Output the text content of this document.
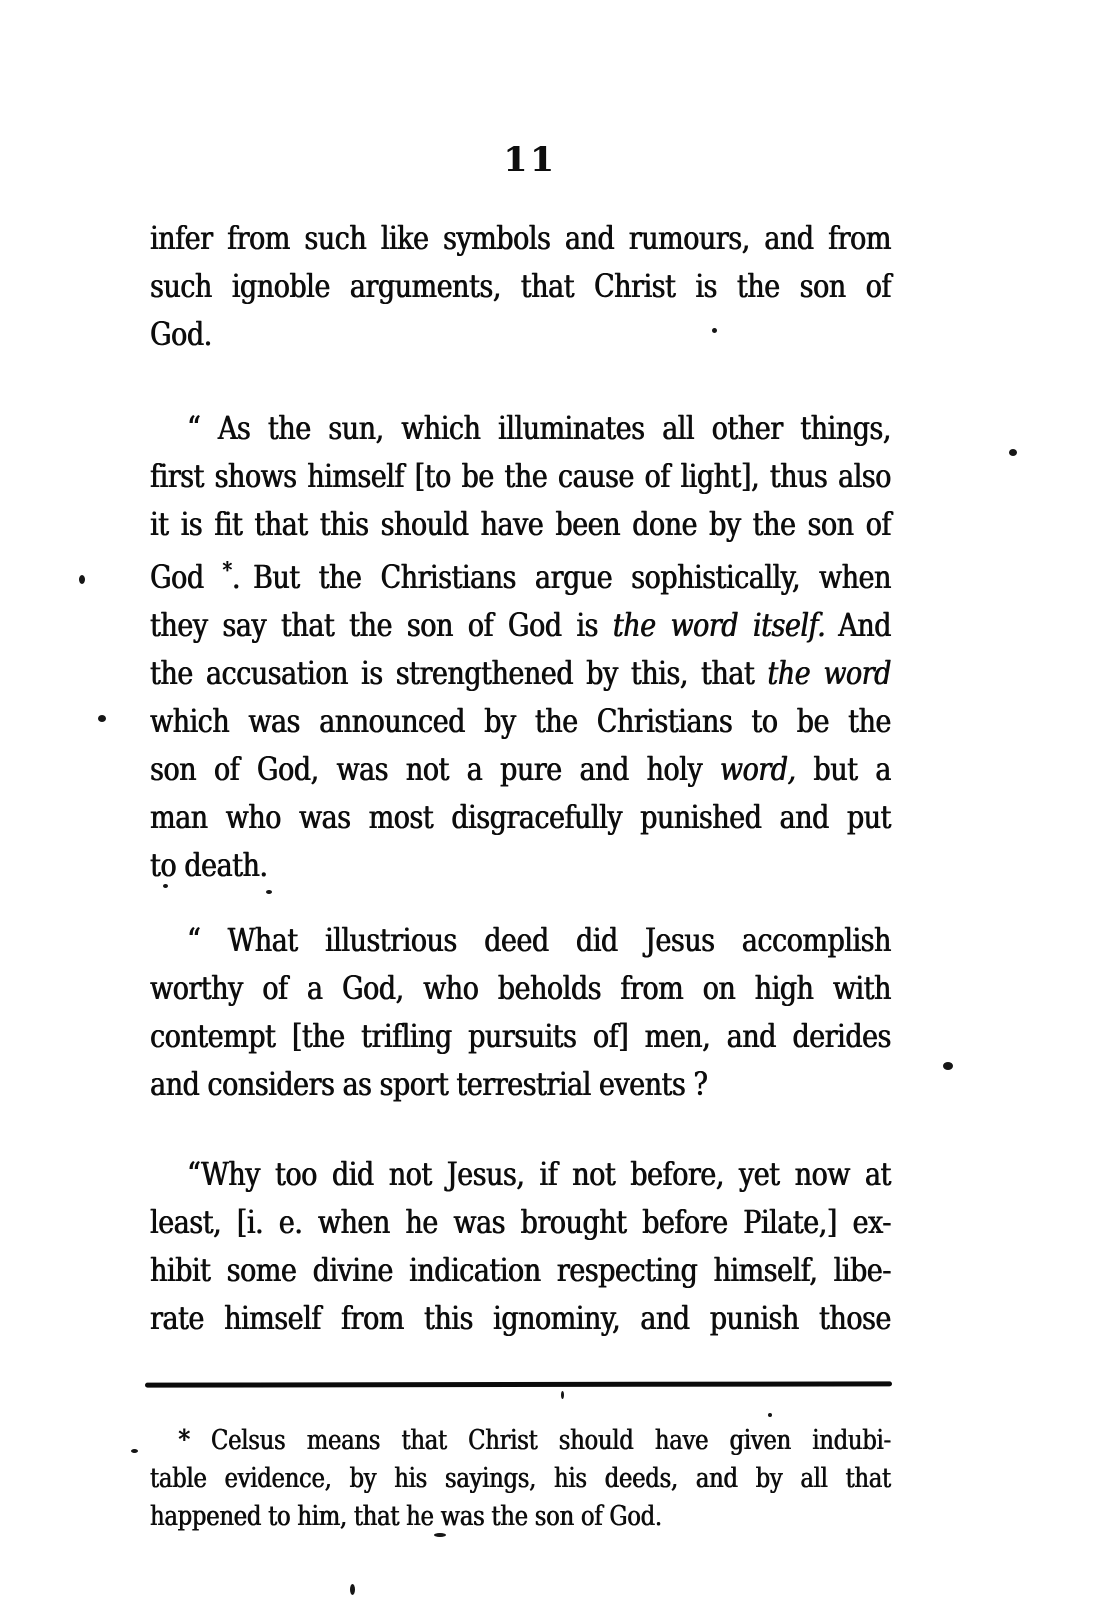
11
infer from such like symbols and rumours, and from
such ignoble arguments, that Christ is the son of
God.
“ As the sun, which illuminates all other things,
first shows himself [to be the cause of light], thus also
it is fit that this should have been done by the son of
God *. But the Christians argue sophistically, when
they say that the son of God is the word itself. And
the accusation is strengthened by this, that the word
which was announced by the Christians to be the
son of God, was not a pure and holy word, but a
man who was most disgracefully punished and put
to death.
“ What illustrious deed did Jesus accomplish
worthy of a God, who beholds from on high with
contempt [the trifling pursuits of] men, and derides
and considers as sport terrestrial events ?
“Why too did not Jesus, if not before, yet now at
least, [i. e. when he was brought before Pilate,] ex-
hibit some divine indication respecting himself, libe-
rate himself from this ignominy, and punish those
* Celsus means that Christ should have given indubi-
table evidence, by his sayings, his deeds, and by all that
happened to him, that he was the son of God.
